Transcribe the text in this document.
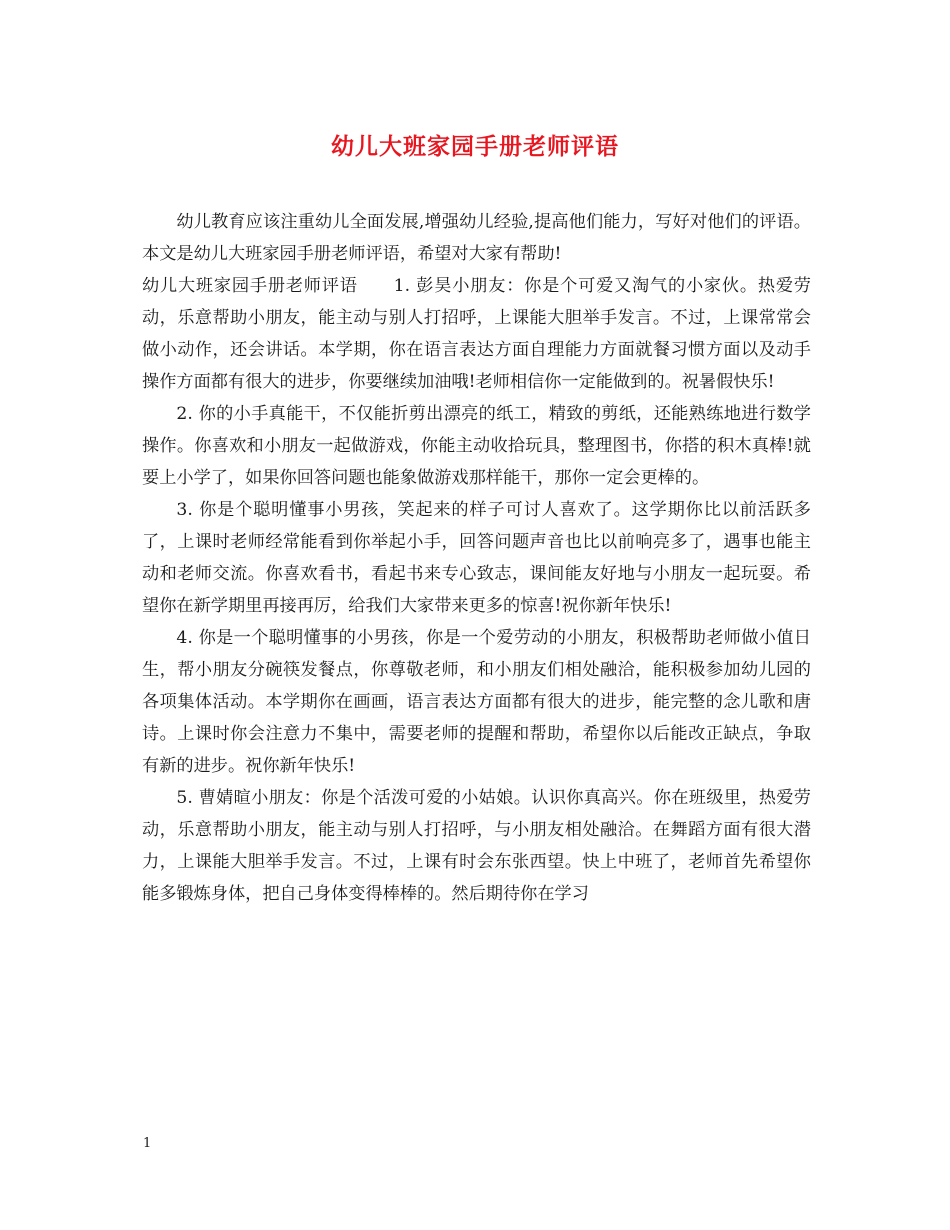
幼儿大班家园手册老师评语

幼儿教育应该注重幼儿全面发展,增强幼儿经验,提高他们能力，写好对他们的评语。本文是幼儿大班家园手册老师评语，希望对大家有帮助!

幼儿大班家园手册老师评语　　1. 彭昊小朋友：你是个可爱又淘气的小家伙。热爱劳动，乐意帮助小朋友，能主动与别人打招呼，上课能大胆举手发言。不过，上课常常会做小动作，还会讲话。本学期，你在语言表达方面自理能力方面就餐习惯方面以及动手操作方面都有很大的进步，你要继续加油哦!老师相信你一定能做到的。祝暑假快乐!

2. 你的小手真能干，不仅能折剪出漂亮的纸工，精致的剪纸，还能熟练地进行数学操作。你喜欢和小朋友一起做游戏，你能主动收拾玩具，整理图书，你搭的积木真棒!就要上小学了，如果你回答问题也能象做游戏那样能干，那你一定会更棒的。

3. 你是个聪明懂事小男孩，笑起来的样子可讨人喜欢了。这学期你比以前活跃多了，上课时老师经常能看到你举起小手，回答问题声音也比以前响亮多了，遇事也能主动和老师交流。你喜欢看书，看起书来专心致志，课间能友好地与小朋友一起玩耍。希望你在新学期里再接再厉，给我们大家带来更多的惊喜!祝你新年快乐!

4. 你是一个聪明懂事的小男孩，你是一个爱劳动的小朋友，积极帮助老师做小值日生，帮小朋友分碗筷发餐点，你尊敬老师，和小朋友们相处融洽，能积极参加幼儿园的各项集体活动。本学期你在画画，语言表达方面都有很大的进步，能完整的念儿歌和唐诗。上课时你会注意力不集中，需要老师的提醒和帮助，希望你以后能改正缺点，争取有新的进步。祝你新年快乐!

5. 曹婧暄小朋友：你是个活泼可爱的小姑娘。认识你真高兴。你在班级里，热爱劳动，乐意帮助小朋友，能主动与别人打招呼，与小朋友相处融洽。在舞蹈方面有很大潜力，上课能大胆举手发言。不过，上课有时会东张西望。快上中班了，老师首先希望你能多锻炼身体，把自己身体变得棒棒的。然后期待你在学习

1
